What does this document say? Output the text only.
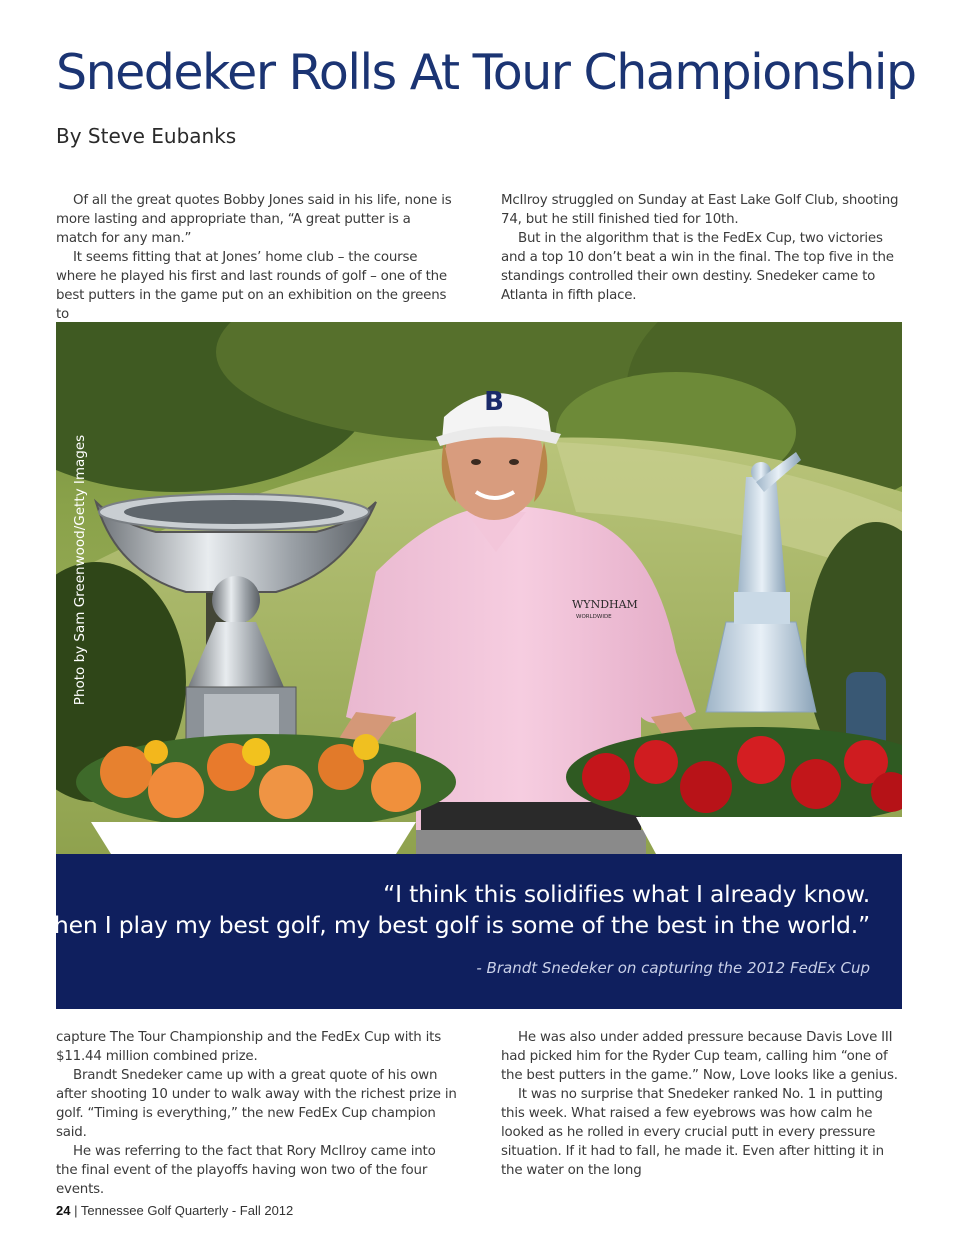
Snedeker Rolls At Tour Championship

By Steve Eubanks

Of all the great quotes Bobby Jones said in his life, none is more lasting and appropriate than, “A great putter is a match for any man.”

It seems fitting that at Jones’ home club – the course where he played his first and last rounds of golf – one of the best putters in the game put on an exhibition on the greens to

McIlroy struggled on Sunday at East Lake Golf Club, shooting 74, but he still finished tied for 10th.

But in the algorithm that is the FedEx Cup, two victories and a top 10 don’t beat a win in the final. The top five in the standings controlled their own destiny. Snedeker came to Atlanta in fifth place.

B
WYNDHAM
WORLDWIDE
Photo by Sam Greenwood/Getty Images

“I think this solidifies what I already know.

When I play my best golf, my best golf is some of the best in the world.”

- Brandt Snedeker on capturing the 2012 FedEx Cup

capture The Tour Championship and the FedEx Cup with its $11.44 million combined prize.

Brandt Snedeker came up with a great quote of his own after shooting 10 under to walk away with the richest prize in golf. “Timing is everything,” the new FedEx Cup champion said.

He was referring to the fact that Rory McIlroy came into the final event of the playoffs having won two of the four events.

He was also under added pressure because Davis Love III had picked him for the Ryder Cup team, calling him “one of the best putters in the game.” Now, Love looks like a genius.

It was no surprise that Snedeker ranked No. 1 in putting this week. What raised a few eyebrows was how calm he looked as he rolled in every crucial putt in every pressure situation. If it had to fall, he made it. Even after hitting it in the water on the long

24 | Tennessee Golf Quarterly - Fall 2012
